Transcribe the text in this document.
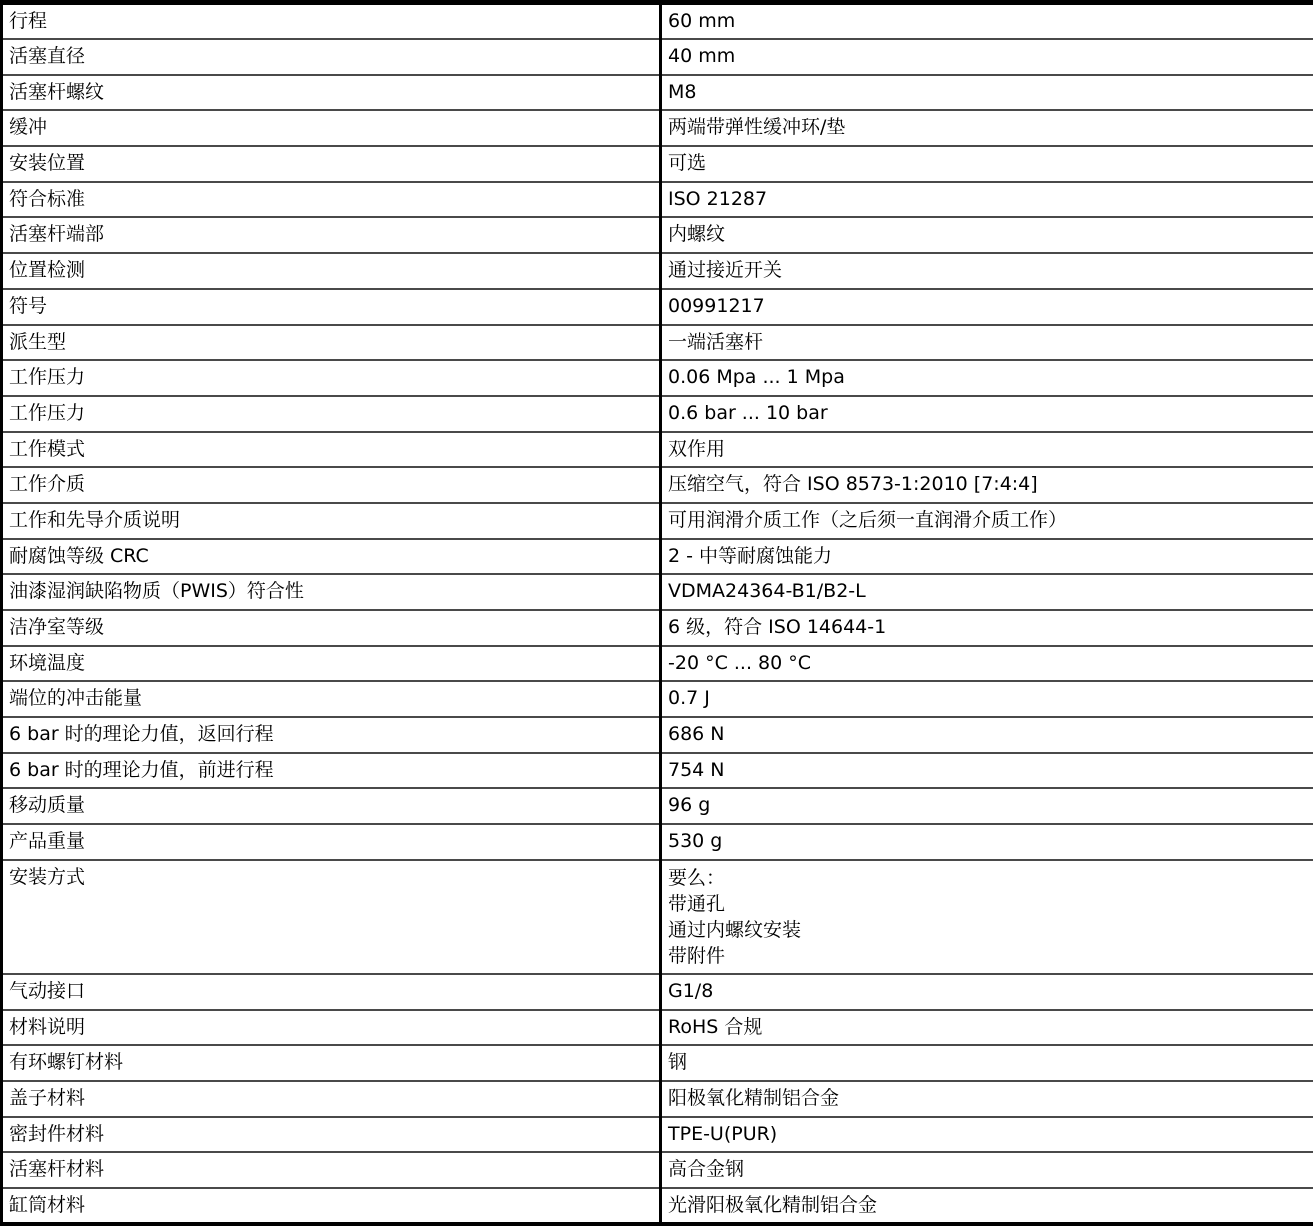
行程	60 mm
活塞直径	40 mm
活塞杆螺纹	M8
缓冲	两端带弹性缓冲环/垫
安装位置	可选
符合标准	ISO 21287
活塞杆端部	内螺纹
位置检测	通过接近开关
符号	00991217
派生型	一端活塞杆
工作压力	0.06 Mpa ... 1 Mpa
工作压力	0.6 bar ... 10 bar
工作模式	双作用
工作介质	压缩空气，符合 ISO 8573-1:2010 [7:4:4]
工作和先导介质说明	可用润滑介质工作（之后须一直润滑介质工作）
耐腐蚀等级 CRC	2 - 中等耐腐蚀能力
油漆湿润缺陷物质（PWIS）符合性	VDMA24364-B1/B2-L
洁净室等级	6 级，符合 ISO 14644-1
环境温度	-20 °C ... 80 °C
端位的冲击能量	0.7 J
6 bar 时的理论力值，返回行程	686 N
6 bar 时的理论力值，前进行程	754 N
移动质量	96 g
产品重量	530 g
安装方式	要么：
带通孔
通过内螺纹安装
带附件

气动接口	G1/8
材料说明	RoHS 合规
有环螺钉材料	钢
盖子材料	阳极氧化精制铝合金
密封件材料	TPE-U(PUR)
活塞杆材料	高合金钢
缸筒材料	光滑阳极氧化精制铝合金
